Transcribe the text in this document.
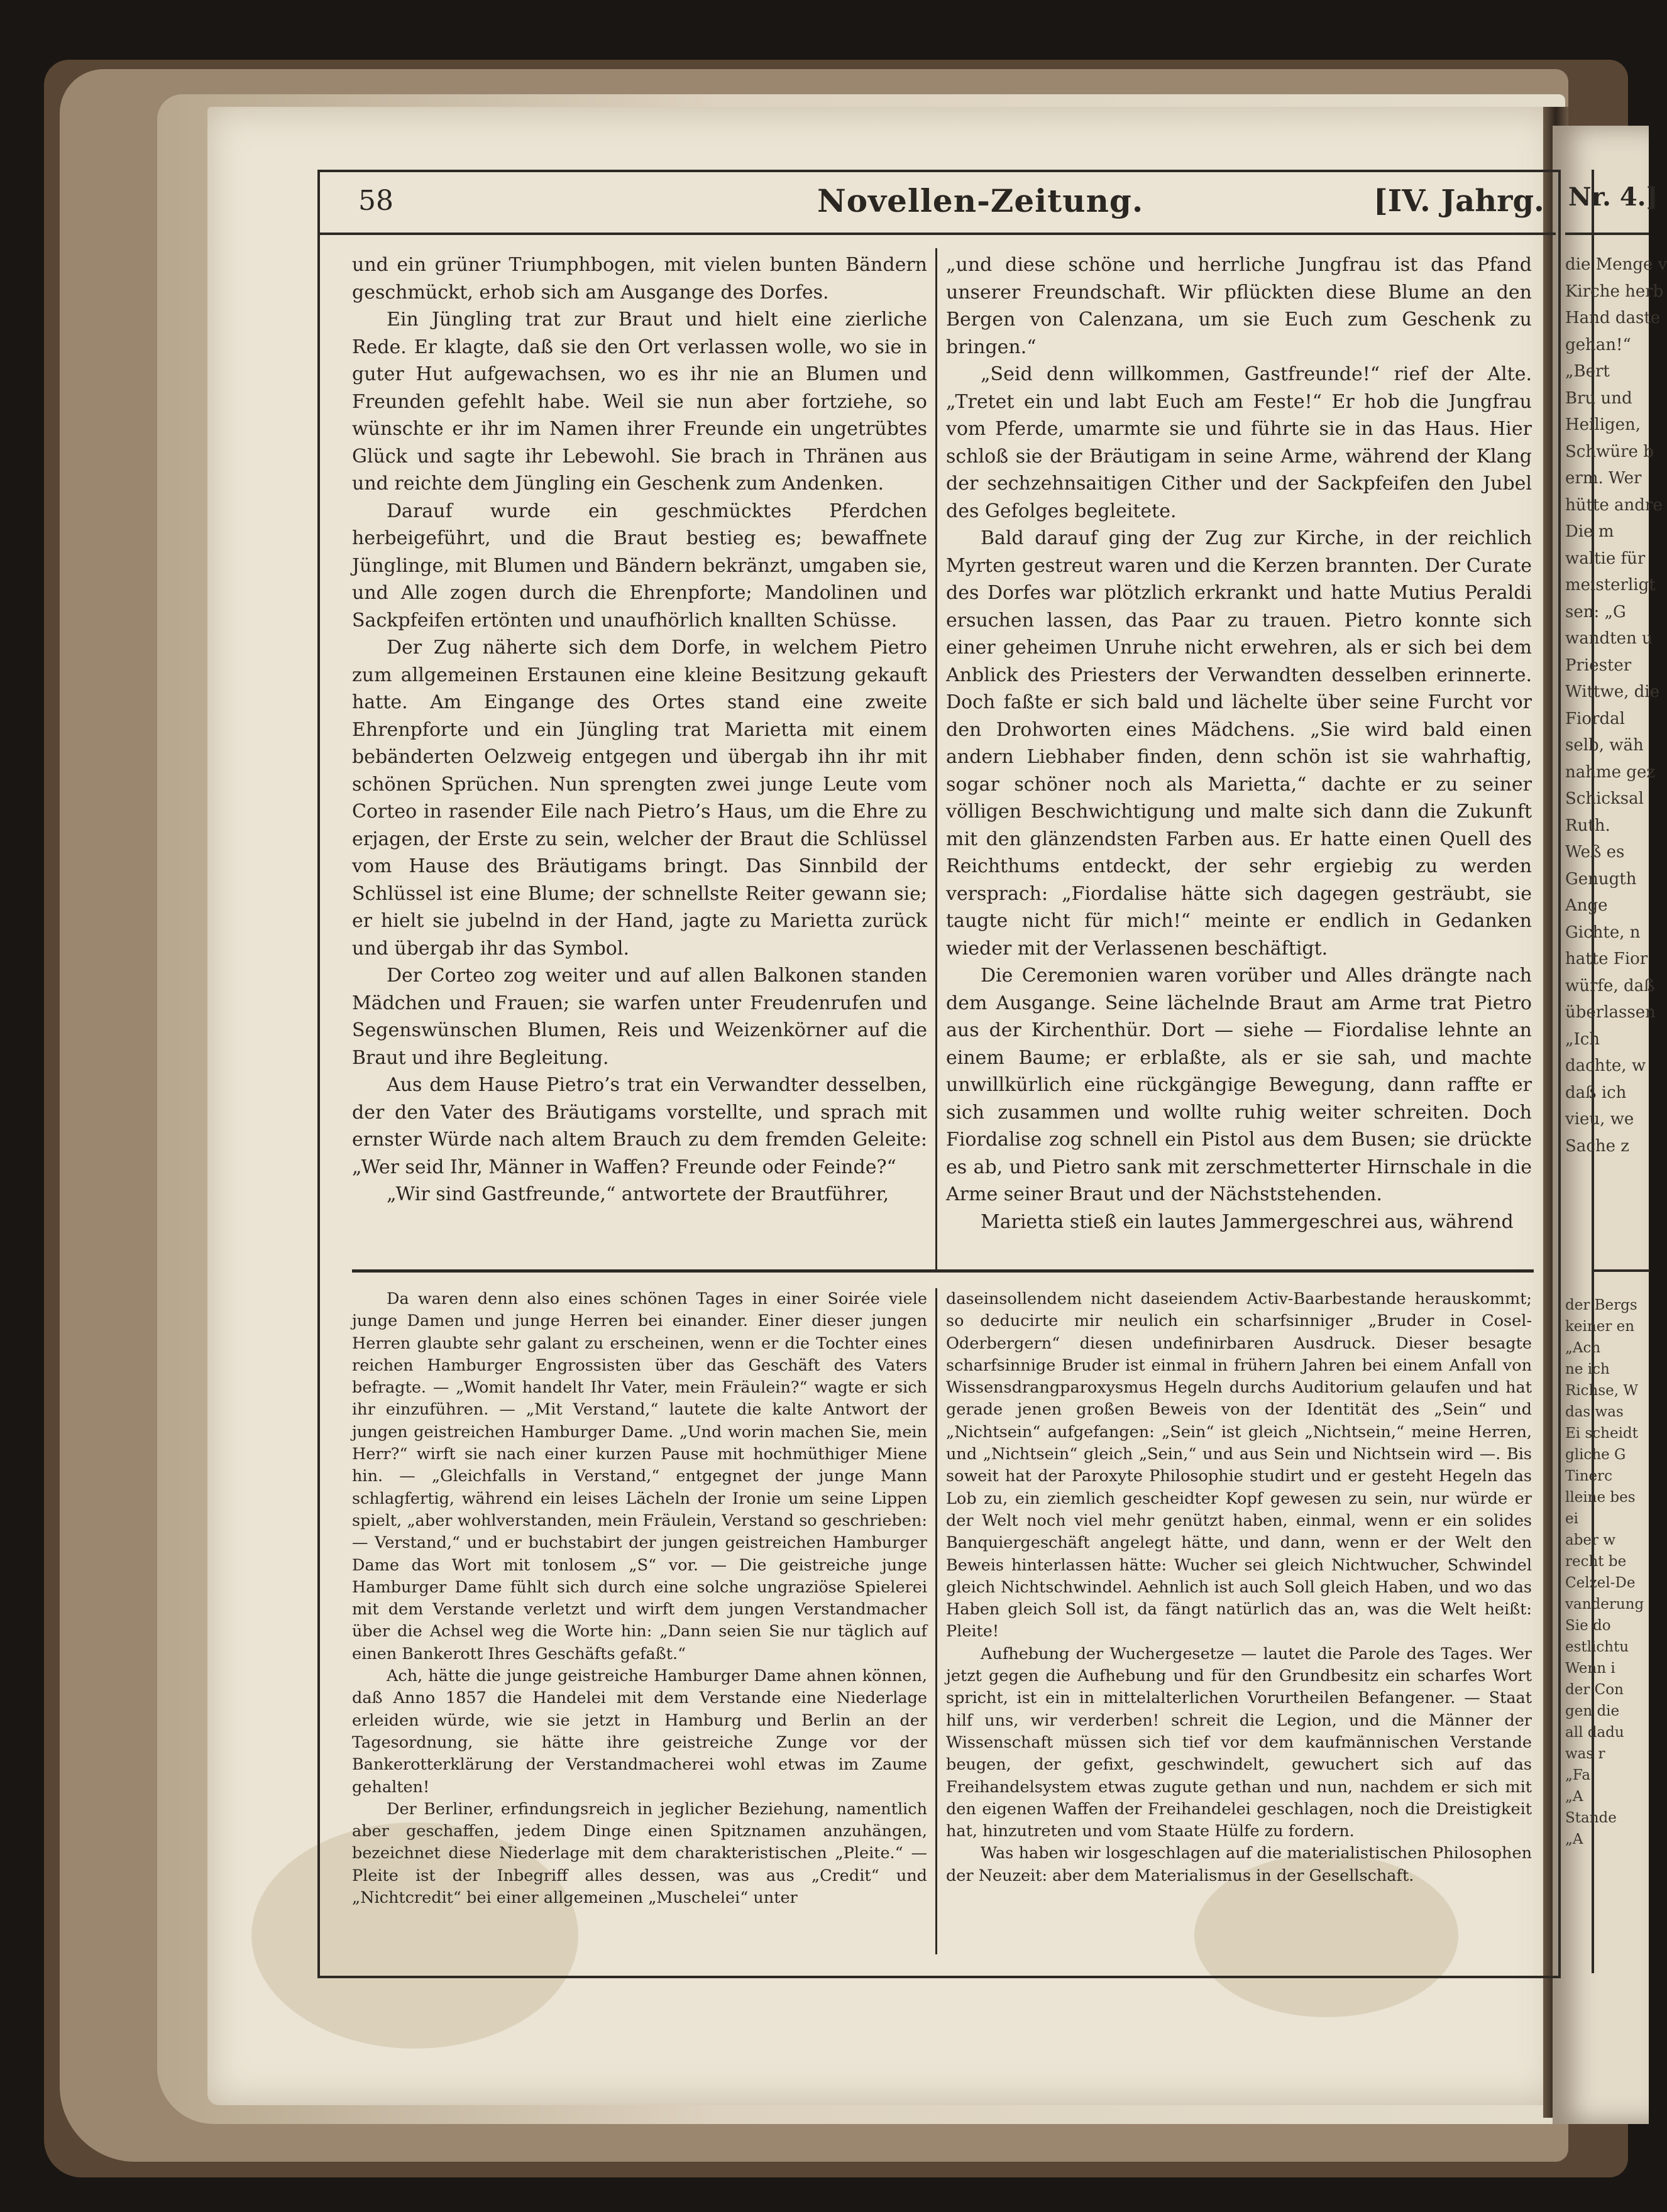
58	Novellen-Zeitung.	[IV. Jahrg.

und ein grüner Triumphbogen, mit vielen bunten Bändern geschmückt, erhob sich am Ausgange des Dorfes.

Ein Jüngling trat zur Braut und hielt eine zierliche Rede. Er klagte, daß sie den Ort verlassen wolle, wo sie in guter Hut aufgewachsen, wo es ihr nie an Blumen und Freunden gefehlt habe. Weil sie nun aber fortziehe, so wünschte er ihr im Namen ihrer Freunde ein ungetrübtes Glück und sagte ihr Lebewohl. Sie brach in Thränen aus und reichte dem Jüngling ein Geschenk zum Andenken.

Darauf wurde ein geschmücktes Pferdchen herbeigeführt, und die Braut bestieg es; bewaffnete Jünglinge, mit Blumen und Bändern bekränzt, umgaben sie, und Alle zogen durch die Ehrenpforte; Mandolinen und Sackpfeifen ertönten und unaufhörlich knallten Schüsse.

Der Zug näherte sich dem Dorfe, in welchem Pietro zum allgemeinen Erstaunen eine kleine Besitzung gekauft hatte. Am Eingange des Ortes stand eine zweite Ehrenpforte und ein Jüngling trat Marietta mit einem bebänderten Oelzweig entgegen und übergab ihn ihr mit schönen Sprüchen. Nun sprengten zwei junge Leute vom Corteo in rasender Eile nach Pietro’s Haus, um die Ehre zu erjagen, der Erste zu sein, welcher der Braut die Schlüssel vom Hause des Bräutigams bringt. Das Sinnbild der Schlüssel ist eine Blume; der schnellste Reiter gewann sie; er hielt sie jubelnd in der Hand, jagte zu Marietta zurück und übergab ihr das Symbol.

Der Corteo zog weiter und auf allen Balkonen standen Mädchen und Frauen; sie warfen unter Freudenrufen und Segenswünschen Blumen, Reis und Weizenkörner auf die Braut und ihre Begleitung.

Aus dem Hause Pietro’s trat ein Verwandter desselben, der den Vater des Bräutigams vorstellte, und sprach mit ernster Würde nach altem Brauch zu dem fremden Geleite: „Wer seid Ihr, Männer in Waffen? Freunde oder Feinde?“

„Wir sind Gastfreunde,“ antwortete der Brautführer,

„und diese schöne und herrliche Jungfrau ist das Pfand unserer Freundschaft. Wir pflückten diese Blume an den Bergen von Calenzana, um sie Euch zum Geschenk zu bringen.“

„Seid denn willkommen, Gastfreunde!“ rief der Alte. „Tretet ein und labt Euch am Feste!“ Er hob die Jungfrau vom Pferde, umarmte sie und führte sie in das Haus. Hier schloß sie der Bräutigam in seine Arme, während der Klang der sechzehnsaitigen Cither und der Sackpfeifen den Jubel des Gefolges begleitete.

Bald darauf ging der Zug zur Kirche, in der reichlich Myrten gestreut waren und die Kerzen brannten. Der Curate des Dorfes war plötzlich erkrankt und hatte Mutius Peraldi ersuchen lassen, das Paar zu trauen. Pietro konnte sich einer geheimen Unruhe nicht erwehren, als er sich bei dem Anblick des Priesters der Verwandten desselben erinnerte. Doch faßte er sich bald und lächelte über seine Furcht vor den Drohworten eines Mädchens. „Sie wird bald einen andern Liebhaber finden, denn schön ist sie wahrhaftig, sogar schöner noch als Marietta,“ dachte er zu seiner völligen Beschwichtigung und malte sich dann die Zukunft mit den glänzendsten Farben aus. Er hatte einen Quell des Reichthums entdeckt, der sehr ergiebig zu werden versprach: „Fiordalise hätte sich dagegen gesträubt, sie taugte nicht für mich!“ meinte er endlich in Gedanken wieder mit der Verlassenen beschäftigt.

Die Ceremonien waren vorüber und Alles drängte nach dem Ausgange. Seine lächelnde Braut am Arme trat Pietro aus der Kirchenthür. Dort — siehe — Fiordalise lehnte an einem Baume; er erblaßte, als er sie sah, und machte unwillkürlich eine rückgängige Bewegung, dann raffte er sich zusammen und wollte ruhig weiter schreiten. Doch Fiordalise zog schnell ein Pistol aus dem Busen; sie drückte es ab, und Pietro sank mit zerschmetterter Hirnschale in die Arme seiner Braut und der Nächststehenden.

Marietta stieß ein lautes Jammergeschrei aus, während

Da waren denn also eines schönen Tages in einer Soirée viele junge Damen und junge Herren bei einander. Einer dieser jungen Herren glaubte sehr galant zu erscheinen, wenn er die Tochter eines reichen Hamburger Engrossisten über das Geschäft des Vaters befragte. — „Womit handelt Ihr Vater, mein Fräulein?“ wagte er sich ihr einzuführen. — „Mit Verstand,“ lautete die kalte Antwort der jungen geistreichen Hamburger Dame. „Und worin machen Sie, mein Herr?“ wirft sie nach einer kurzen Pause mit hochmüthiger Miene hin. — „Gleichfalls in Verstand,“ entgegnet der junge Mann schlagfertig, während ein leises Lächeln der Ironie um seine Lippen spielt, „aber wohlverstanden, mein Fräulein, Verstand so geschrieben: — Verstand,“ und er buchstabirt der jungen geistreichen Hamburger Dame das Wort mit tonlosem „S“ vor. — Die geistreiche junge Hamburger Dame fühlt sich durch eine solche ungraziöse Spielerei mit dem Verstande verletzt und wirft dem jungen Verstandmacher über die Achsel weg die Worte hin: „Dann seien Sie nur täglich auf einen Bankerott Ihres Geschäfts gefaßt.“

Ach, hätte die junge geistreiche Hamburger Dame ahnen können, daß Anno 1857 die Handelei mit dem Verstande eine Niederlage erleiden würde, wie sie jetzt in Hamburg und Berlin an der Tagesordnung, sie hätte ihre geistreiche Zunge vor der Bankerotterklärung der Verstandmacherei wohl etwas im Zaume gehalten!

Der Berliner, erfindungsreich in jeglicher Beziehung, namentlich aber geschaffen, jedem Dinge einen Spitznamen anzuhängen, bezeichnet diese Niederlage mit dem charakteristischen „Pleite.“ — Pleite ist der Inbegriff alles dessen, was aus „Credit“ und „Nichtcredit“ bei einer allgemeinen „Muschelei“ unter

daseinsollendem nicht daseiendem Activ-Baarbestande herauskommt; so deducirte mir neulich ein scharfsinniger „Bruder in Cosel-Oderbergern“ diesen undefinirbaren Ausdruck. Dieser besagte scharfsinnige Bruder ist einmal in frühern Jahren bei einem Anfall von Wissensdrangparoxysmus Hegeln durchs Auditorium gelaufen und hat gerade jenen großen Beweis von der Identität des „Sein“ und „Nichtsein“ aufgefangen: „Sein“ ist gleich „Nichtsein,“ meine Herren, und „Nichtsein“ gleich „Sein,“ und aus Sein und Nichtsein wird —. Bis soweit hat der Paroxyte Philosophie studirt und er gesteht Hegeln das Lob zu, ein ziemlich gescheidter Kopf gewesen zu sein, nur würde er der Welt noch viel mehr genützt haben, einmal, wenn er ein solides Banquiergeschäft angelegt hätte, und dann, wenn er der Welt den Beweis hinterlassen hätte: Wucher sei gleich Nichtwucher, Schwindel gleich Nichtschwindel. Aehnlich ist auch Soll gleich Haben, und wo das Haben gleich Soll ist, da fängt natürlich das an, was die Welt heißt: Pleite!

Aufhebung der Wuchergesetze — lautet die Parole des Tages. Wer jetzt gegen die Aufhebung und für den Grundbesitz ein scharfes Wort spricht, ist ein in mittelalterlichen Vorurtheilen Befangener. — Staat hilf uns, wir verderben! schreit die Legion, und die Männer der Wissenschaft müssen sich tief vor dem kaufmännischen Verstande beugen, der gefixt, geschwindelt, gewuchert sich auf das Freihandelsystem etwas zugute gethan und nun, nachdem er sich mit den eigenen Waffen der Freihandelei geschlagen, noch die Dreistigkeit hat, hinzutreten und vom Staate Hülfe zu fordern.

Was haben wir losgeschlagen auf die materialistischen Philosophen der Neuzeit: aber dem Materialismus in der Gesellschaft.

Nr. 4.]
die Menge v
Kirche herb
Hand daste
gehan!“
„Bert
Bru und
Heiligen,
Schwüre b
erm. Wer
hütte andre
Die m
waltie für
meisterligt
sen: „G
wandten u
Priester
Wittwe, die
Fiordal
selb, wäh
nahme gez
Schicksal
Ruth.
Weß es
Genugth
Ange
Gichte, n
hatte Fior
würfe, daß
überlassen
„Ich
dachte, w
daß ich
vieu, we
Sache z
der Bergs
keiner en
„Ach
ne ich
Richse, W
das was
Ei scheidt
gliche G
Tinerc
lleine bes
ei
aber w
recht be
Celzel-De
vanderung
Sie do
estlichtu
Wenn i
der Con
gen die
all dadu
was r
„Fa
„A
Stande
„A
